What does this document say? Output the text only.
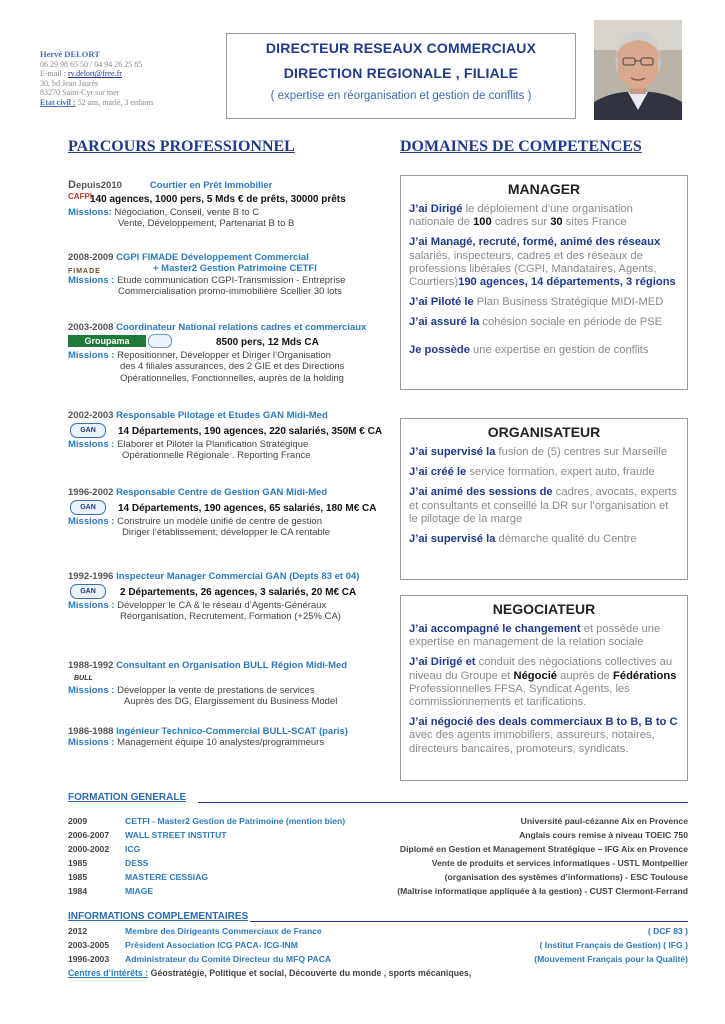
Hervé DELORT
06 29 98 65 50 / 04 94 26 25 85
E-mail : rv.delort@free.fr
30, bd Jean Jaurès
83270 Saint-Cyr sur mer
Etat civil : 52 ans, marié, 3 enfants
DIRECTEUR RESEAUX COMMERCIAUX
DIRECTION REGIONALE , FILIALE
( expertise en réorganisation et gestion de conflits )
PARCOURS PROFESSIONNEL	DOMAINES DE COMPETENCES
Depuis2010	Courtier en Prêt Immobilier
CAFPI
140 agences, 1000 pers, 5 Mds € de prêts, 30000 prêts
Missions: Négociation, Conseil, vente B to C
Vente, Développement, Partenariat B to B
2008-2009 CGPI FIMADE Développement Commercial
FIMADE	+ Master2 Gestion Patrimoine CETFI
Missions : Etude communication CGPI-Transmission - Entreprise
Commercialisation promo-immobilière Scellier 30 lots
2003-2008 Coordinateur National relations cadres et commerciaux
Groupama	8500 pers, 12 Mds CA
Missions : Repositionner, Développer et Diriger l’Organisation
des 4 filiales assurances, des 2 GIE et des Directions
Opérationnelles, Fonctionnelles, auprès de la holding
2002-2003 Responsable Pilotage et Etudes GAN Midi-Med
GAN	14 Départements, 190 agences, 220 salariés, 350M € CA
Missions : Elaborer et Piloter la Planification Stratégique
Opérationnelle Régionale . Reporting France
1996-2002 Responsable Centre de Gestion GAN Midi-Med
GAN	14 Départements, 190 agences, 65 salariés, 180 M€ CA
Missions : Construire un modèle unifié de centre de gestion
Diriger l’établissement, développer le CA rentable
1992-1996 Inspecteur Manager Commercial GAN (Depts 83 et 04)
GAN	2 Départements, 26 agences, 3 salariés, 20 M€ CA
Missions : Développer le CA & le réseau d’Agents-Généraux
Réorganisation, Recrutement, Formation (+25% CA)
1988-1992 Consultant en Organisation BULL Région Midi-Med
BULL
Missions : Développer la vente de prestations de services
Auprès des DG, Elargissement du Business Model
1986-1988 Ingénieur Technico-Commercial BULL-SCAT (paris)
Missions : Management équipe 10 analystes/programmeurs
MANAGER

J’ai Dirigé le déploiement d’une organisation nationale de 100 cadres sur 30 sites France

J’ai Managé, recruté, formé, animé des réseaux salariés, inspecteurs, cadres et des réseaux de professions libérales (CGPI, Mandataires, Agents, Courtiers)190 agences, 14 départements, 3 régions

J’ai Piloté le Plan Business Stratégique MIDI-MED

J’ai assuré la cohésion sociale en période de PSE

Je possède une expertise en gestion de conflits

ORGANISATEUR

J’ai supervisé la fusion de (5) centres sur Marseille

J’ai créé le service formation, expert auto, fraude

J’ai animé des sessions de cadres, avocats, experts et consultants et conseillé la DR sur l’organisation et le pilotage de la marge

J’ai supervisé la démarche qualité du Centre

NEGOCIATEUR

J’ai accompagné le changement et possède une expertise en management de la relation sociale

J’ai Dirigé et conduit des négociations collectives au niveau du Groupe et Négocié auprès de Fédérations Professionnelles FFSA, Syndicat Agents, les commissionnements et tarifications.

J’ai négocié des deals commerciaux B to B, B to C avec des agents immobiliers, assureurs, notaires, directeurs bancaires, promoteurs, syndicats.

FORMATION GENERALE
2009	CETFI - Master2 Gestion de Patrimoine (mention bien)	Université paul-cézanne Aix en Provence
2006-2007 WALL STREET INSTITUT	Anglais cours remise à niveau TOEIC 750
2000-2002 ICG	Diplomé en Gestion et Management Stratégique – IFG Aix en Provence
1985	DESS	Vente de produits et services informatiques - USTL Montpellier
1985	MASTERE CESSIAG	(organisation des systèmes d’informations) - ESC Toulouse
1984	MIAGE	(Maîtrise informatique appliquée à la gestion) - CUST Clermont-Ferrand
INFORMATIONS COMPLEMENTAIRES
2012	Membre des Dirigeants Commerciaux de France	( DCF 83 )
2003-2005 Président Association ICG PACA- ICG-INM	( Institut Français de Gestion) ( IFG )
1996-2003 Administrateur du Comité Directeur du MFQ PACA	(Mouvement Français pour la Qualité)
Centres d’intérêts : Géostratégie, Politique et social, Découverte du monde , sports mécaniques,
